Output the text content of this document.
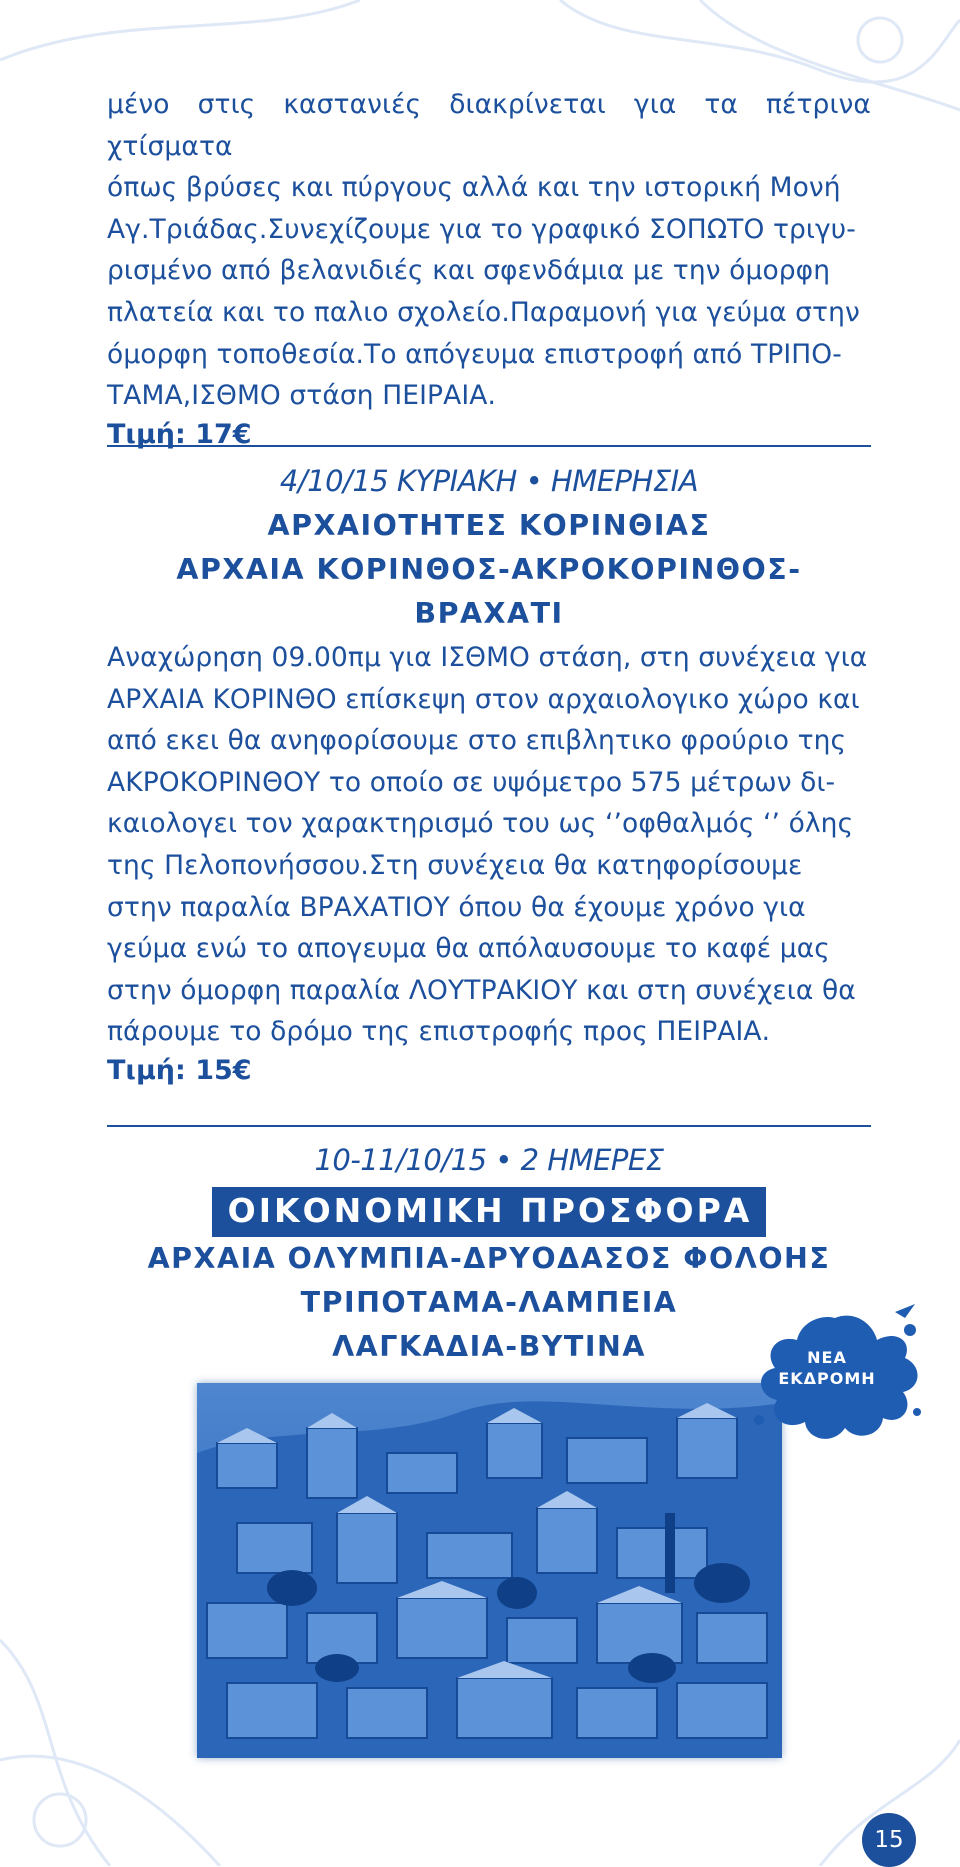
μένο στις καστανιές διακρίνεται για τα πέτρινα χτίσματα
όπως βρύσες και πύργους αλλά και την ιστορική Μονή
Αγ.Τριάδας.Συνεχίζουμε για το γραφικό ΣΟΠΩΤΟ τριγυ-
ρισμένο από βελανιδιές και σφενδάμια με την όμορφη
πλατεία και το παλιο σχολείο.Παραμονή για γεύμα στην
όμορφη τοποθεσία.Το απόγευμα επιστροφή από ΤΡΙΠΟ-
ΤΑΜΑ,ΙΣΘΜΟ στάση ΠΕΙΡΑΙΑ.

Τιμή: 17€

4/10/15 ΚΥΡΙΑΚΗ • ΗΜΕΡΗΣΙΑ

ΑΡΧΑΙΟΤΗΤΕΣ ΚΟΡΙΝΘΙΑΣ

ΑΡΧΑΙΑ ΚΟΡΙΝΘΟΣ-ΑΚΡΟΚΟΡΙΝΘΟΣ-ΒΡΑΧΑΤΙ

Αναχώρηση 09.00πμ για ΙΣΘΜΟ στάση, στη συνέχεια για
ΑΡΧΑΙΑ ΚΟΡΙΝΘΟ επίσκεψη στον αρχαιολογικο χώρο και
από εκει θα ανηφορίσουμε στο επιβλητικο φρούριο της
ΑΚΡΟΚΟΡΙΝΘΟΥ το οποίο σε υψόμετρο 575 μέτρων δι-
καιολογει τον χαρακτηρισμό του ως ‘’οφθαλμός ‘’ όλης
της Πελοπονήσσου.Στη συνέχεια θα κατηφορίσουμε
στην παραλία ΒΡΑΧΑΤΙΟΥ όπου θα έχουμε χρόνο για
γεύμα ενώ το απογευμα θα απόλαυσουμε το καφέ μας
στην όμορφη παραλία ΛΟΥΤΡΑΚΙΟΥ και στη συνέχεια θα
πάρουμε το δρόμο της επιστροφής προς ΠΕΙΡΑΙΑ.

Τιμή: 15€

10-11/10/15 • 2 ΗΜΕΡΕΣ

ΟΙΚΟΝΟΜΙΚΗ ΠΡΟΣΦΟΡΑ

ΑΡΧΑΙΑ ΟΛΥΜΠΙΑ-ΔΡΥΟΔΑΣΟΣ ΦΟΛΟΗΣ

ΤΡΙΠΟΤΑΜΑ-ΛΑΜΠΕΙΑ

ΛΑΓΚΑΔΙΑ-ΒΥΤΙΝΑ	ΝΕΑ
ΕΚΔΡΟΜΗ
15
